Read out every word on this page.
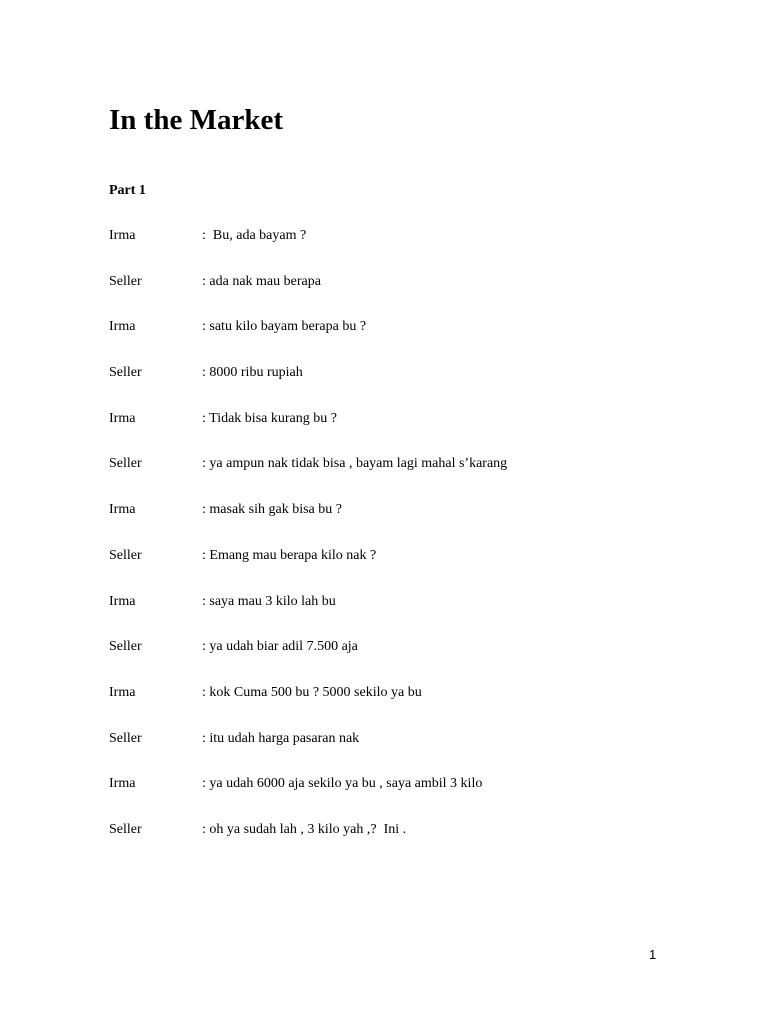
In the Market
Part 1

Irma

	:  Bu, ada bayam ?

Seller

	: ada nak mau berapa

Irma

	: satu kilo bayam berapa bu ?

Seller

	: 8000 ribu rupiah

Irma

	: Tidak bisa kurang bu ?

Seller

	: ya ampun nak tidak bisa , bayam lagi mahal s’karang

Irma

	: masak sih gak bisa bu ?

Seller

	: Emang mau berapa kilo nak ?

Irma

	: saya mau 3 kilo lah bu

Seller

	: ya udah biar adil 7.500 aja

Irma

	: kok Cuma 500 bu ? 5000 sekilo ya bu

Seller

	: itu udah harga pasaran nak

Irma

	: ya udah 6000 aja sekilo ya bu , saya ambil 3 kilo

Seller

	: oh ya sudah lah , 3 kilo yah ,?  Ini .

1
